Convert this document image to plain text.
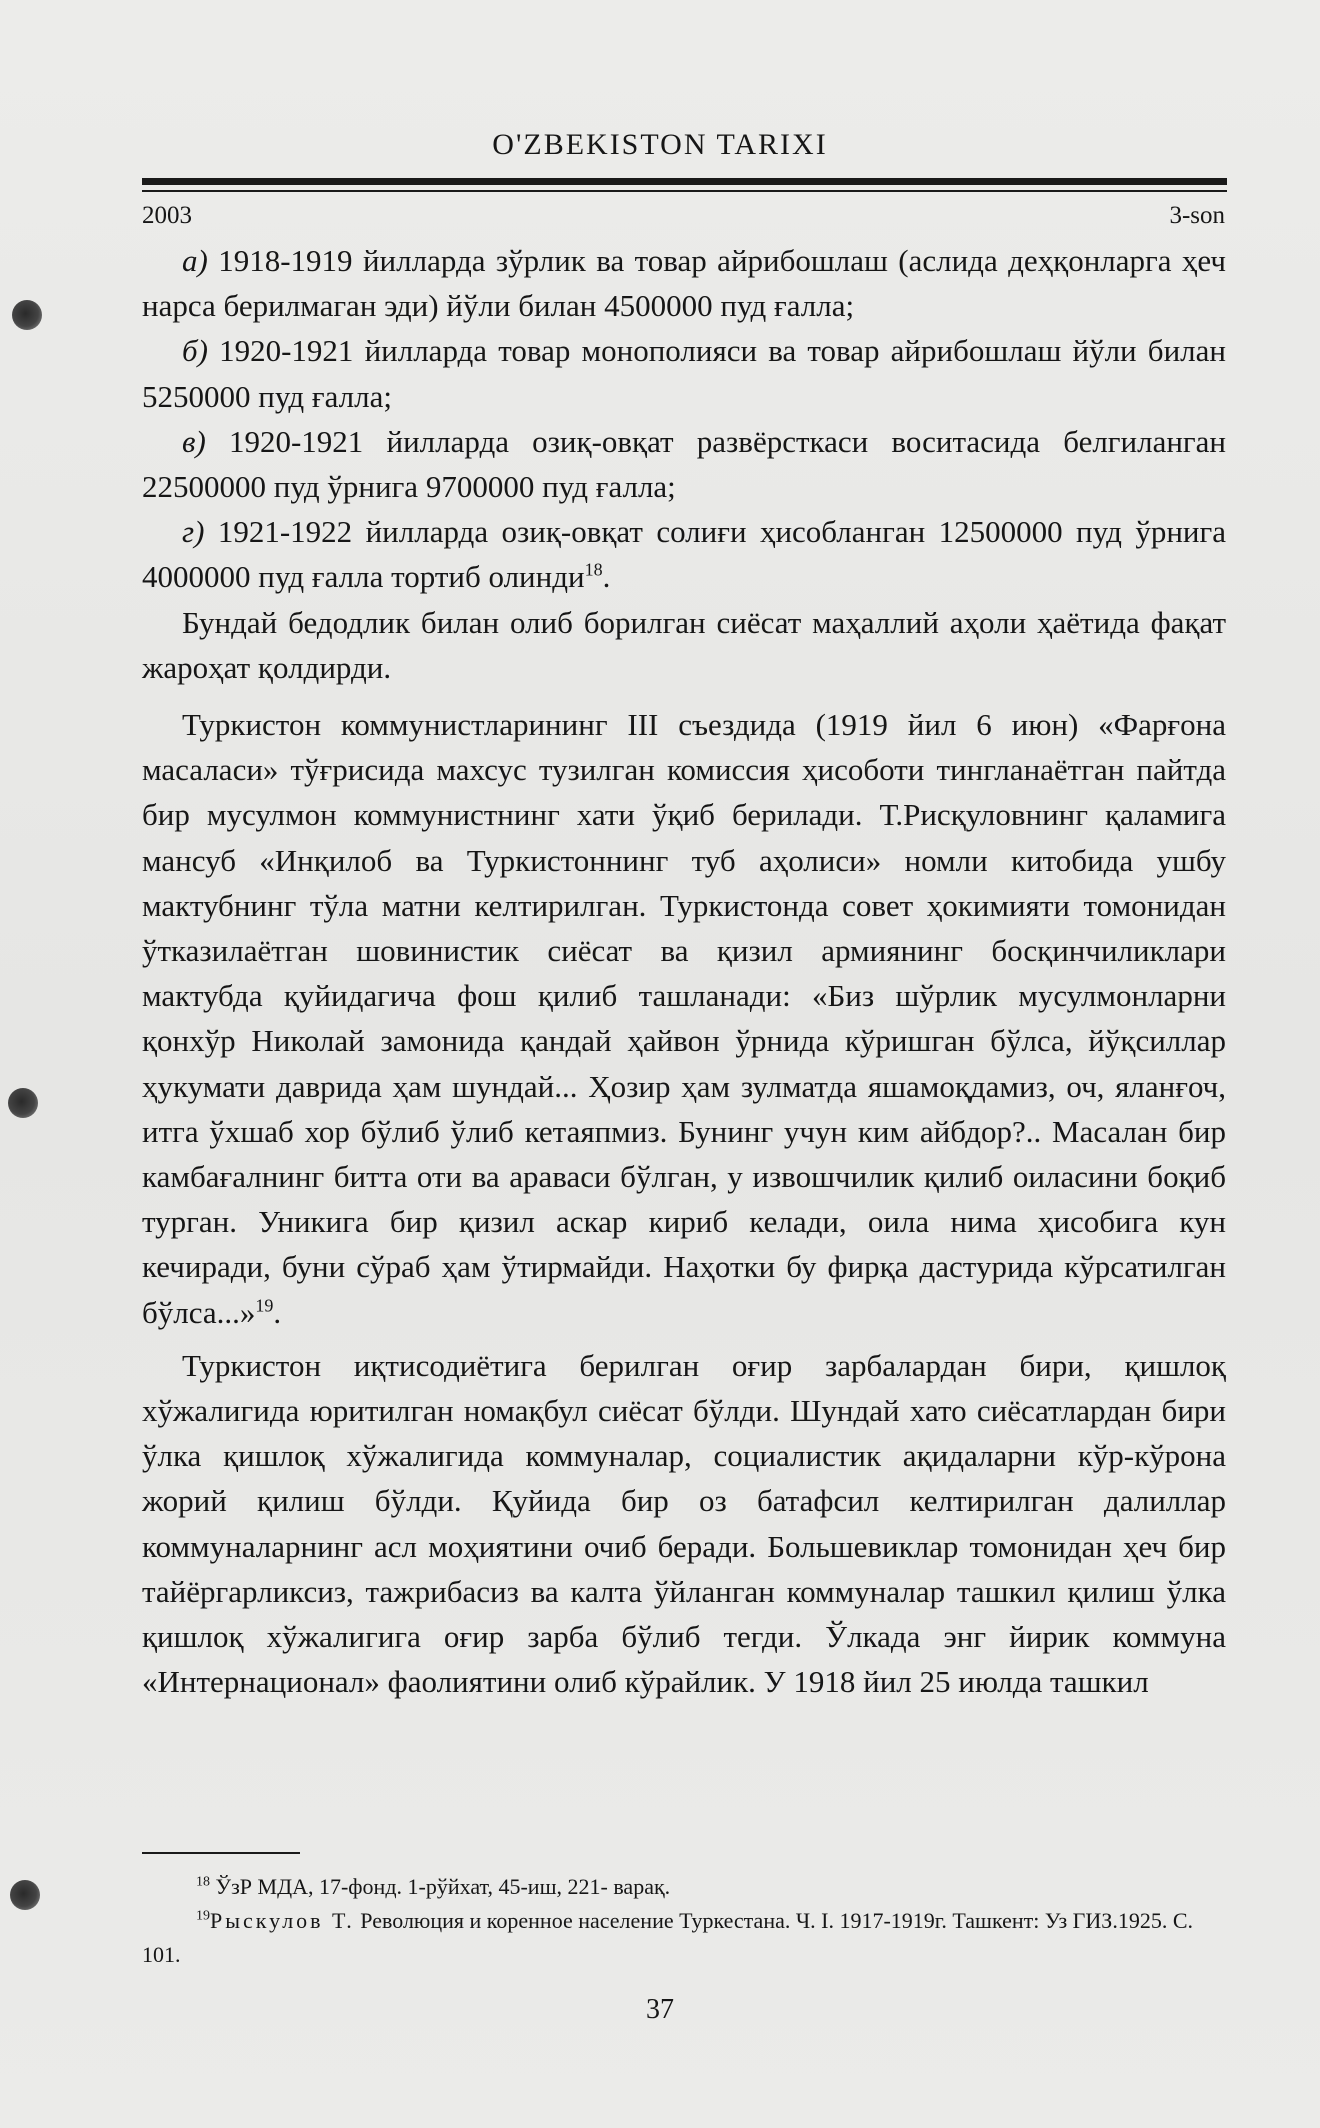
O'ZBEKISTON TARIXI
2003	3-son

а) 1918-1919 йилларда зўрлик ва товар айрибошлаш (аслида деҳқонларга ҳеч нарса берилмаган эди) йўли билан 4500000 пуд ғалла;

б) 1920-1921 йилларда товар монополияси ва товар айрибошлаш йўли билан 5250000 пуд ғалла;

в) 1920-1921 йилларда озиқ-овқат развёрсткаси воситасида белгиланган 22500000 пуд ўрнига 9700000 пуд ғалла;

г) 1921-1922 йилларда озиқ-овқат солиғи ҳисобланган 12500000 пуд ўрнига 4000000 пуд ғалла тортиб олинди$^{18}$.

Бундай бедодлик билан олиб борилган сиёсат маҳаллий аҳоли ҳаётида фақат жароҳат қолдирди.

Туркистон коммунистларининг III съездида (1919 йил 6 июн) «Фарғона масаласи» тўғрисида махсус тузилган комиссия ҳисоботи тингланаётган пайтда бир мусулмон коммунистнинг хати ўқиб берилади. Т.Рисқуловнинг қаламига мансуб «Инқилоб ва Туркистоннинг туб аҳолиси» номли китобида ушбу мактубнинг тўла матни келтирилган. Туркистонда совет ҳокимияти томонидан ўтказилаётган шовинистик сиёсат ва қизил армиянинг босқинчиликлари мактубда қуйидагича фош қилиб ташланади: «Биз шўрлик мусулмонларни қонхўр Николай замонида қандай ҳайвон ўрнида кўришган бўлса, йўқсиллар ҳукумати даврида ҳам шундай... Ҳозир ҳам зулматда яшамоқдамиз, оч, яланғоч, итга ўхшаб хор бўлиб ўлиб кетаяпмиз. Бунинг учун ким айбдор?.. Масалан бир камбағалнинг битта оти ва араваси бўлган, у извошчилик қилиб оиласини боқиб турган. Уникига бир қизил аскар кириб келади, оила нима ҳисобига кун кечиради, буни сўраб ҳам ўтирмайди. Наҳотки бу фирқа дастурида кўрсатилган бўлса...»$^{19}$.

Туркистон иқтисодиётига берилган оғир зарбалардан бири, қишлоқ хўжалигида юритилган номақбул сиёсат бўлди. Шундай хато сиёсатлардан бири ўлка қишлоқ хўжалигида коммуналар, социалистик ақидаларни кўр-кўрона жорий қилиш бўлди. Қуйида бир оз батафсил келтирилган далиллар коммуналарнинг асл моҳиятини очиб беради. Большевиклар томонидан ҳеч бир тайёргарликсиз, тажрибасиз ва калта ўйланган коммуналар ташкил қилиш ўлка қишлоқ хўжалигига оғир зарба бўлиб тегди. Ўлкада энг йирик коммуна «Интернационал» фаолиятини олиб кўрайлик. У 1918 йил 25 июлда ташкил

$^{18}$ ЎзР МДА, 17-фонд. 1-рўйхат, 45-иш, 221- варақ.

$^{19}$Рыскулов Т. Революция и коренное население Туркестана. Ч. I. 1917-1919г. Ташкент: Уз ГИЗ.1925. С. 101.

37
